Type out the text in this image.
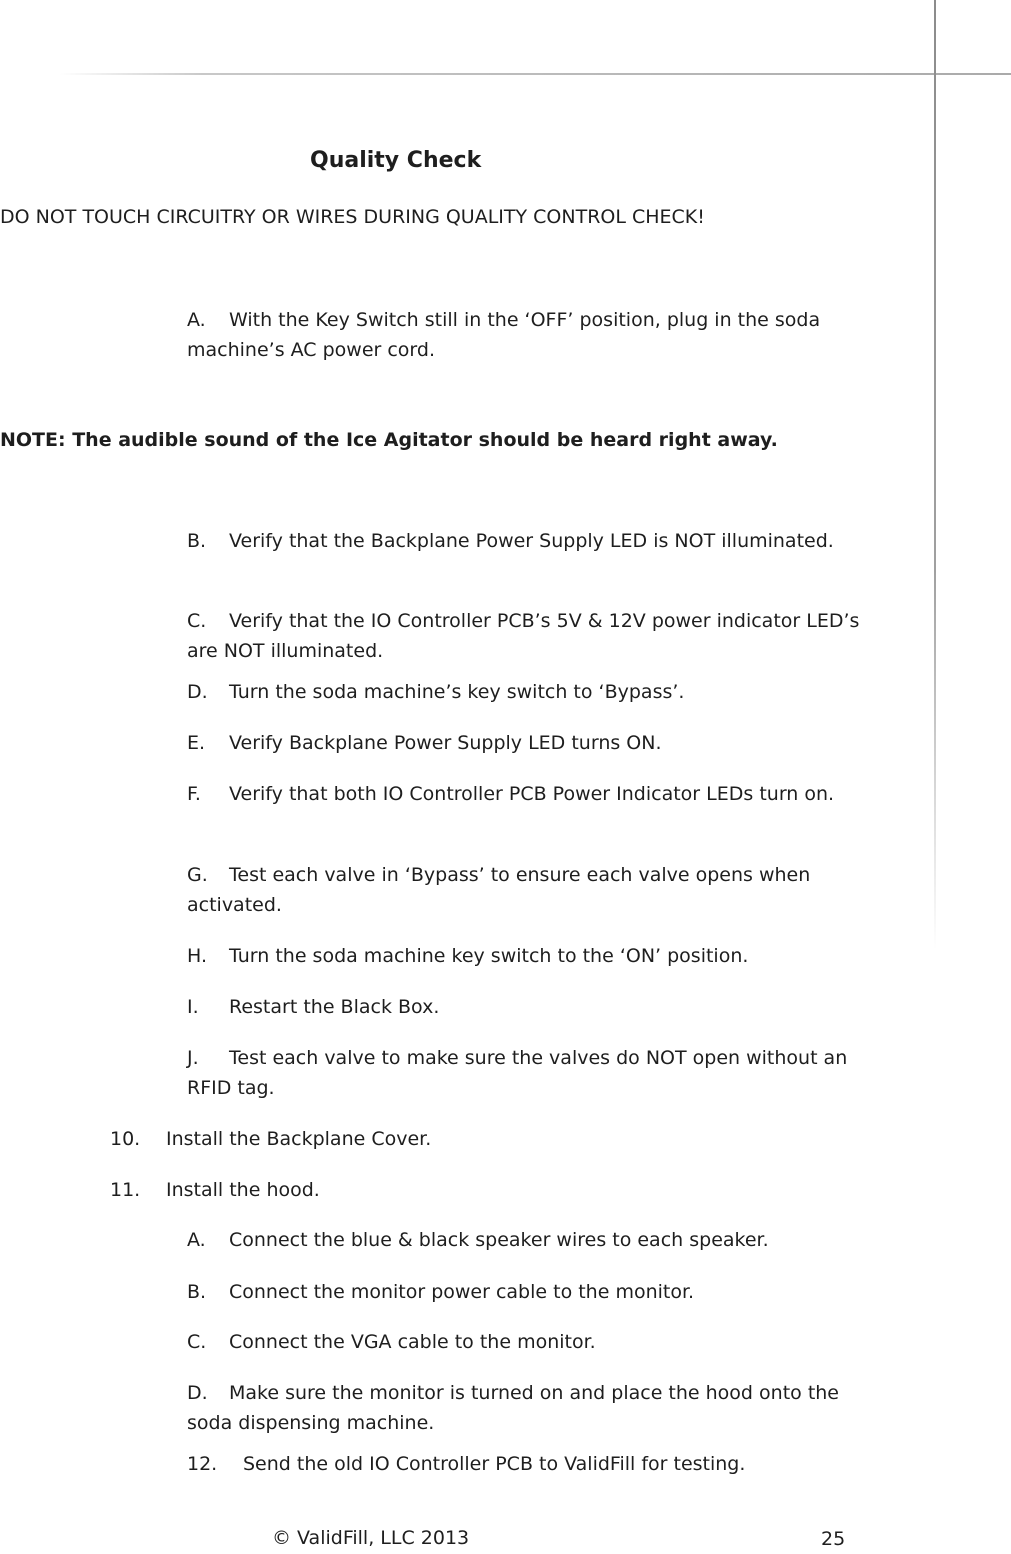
Quality Check
DO NOT TOUCH CIRCUITRY OR WIRES DURING QUALITY CONTROL CHECK!
A. With the Key Switch still in the ‘OFF’ position, plug in the soda machine’s AC power cord.
NOTE: The audible sound of the Ice Agitator should be heard right away.
B. Verify that the Backplane Power Supply LED is NOT illuminated.
C. Verify that the IO Controller PCB’s 5V & 12V power indicator LED’s are NOT illuminated.
D. Turn the soda machine’s key switch to ‘Bypass’.
E. Verify Backplane Power Supply LED turns ON.
F. Verify that both IO Controller PCB Power Indicator LEDs turn on.
G. Test each valve in ‘Bypass’ to ensure each valve opens when activated.
H. Turn the soda machine key switch to the ‘ON’ position.
I. Restart the Black Box.
J. Test each valve to make sure the valves do NOT open without an RFID tag.
10. Install the Backplane Cover.
11. Install the hood.
A. Connect the blue & black speaker wires to each speaker.
B. Connect the monitor power cable to the monitor.
C. Connect the VGA cable to the monitor.
D. Make sure the monitor is turned on and place the hood onto the soda dispensing machine.
12. Send the old IO Controller PCB to ValidFill for testing.
© ValidFill, LLC 2013	25
